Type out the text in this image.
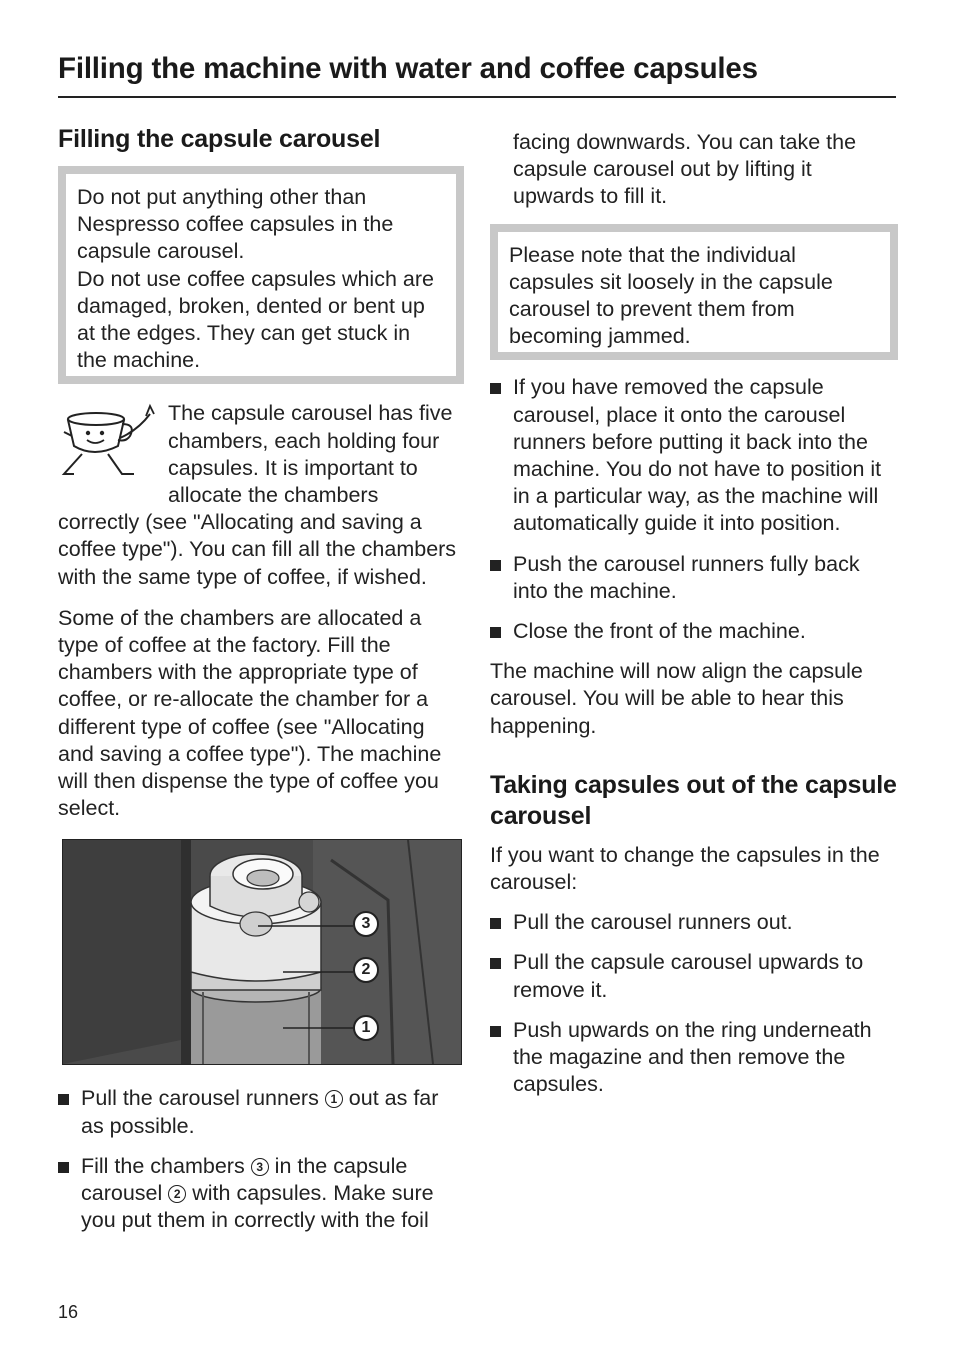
Filling the machine with water and coffee capsules
Filling the capsule carousel

Do not put anything other than Nespresso coffee capsules in the capsule carousel.

Do not use coffee capsules which are damaged, broken, dented or bent up at the edges. They can get stuck in the machine.

The capsule carousel has five chambers, each holding four capsules. It is important to allocate the chambers correctly (see "Allocating and saving a coffee type"). You can fill all the chambers with the same type of coffee, if wished.

Some of the chambers are allocated a type of coffee at the factory. Fill the chambers with the appropriate type of coffee, or re-allocate the chamber for a different type of coffee (see "Allocating and saving a coffee type"). The machine will then dispense the type of coffee you select.

3
2
1
Pull the carousel runners 1 out as far as possible.
Fill the chambers 3 in the capsule carousel 2 with capsules. Make sure you put them in correctly with the foil

facing downwards. You can take the capsule carousel out by lifting it upwards to fill it.

Please note that the individual capsules sit loosely in the capsule carousel to prevent them from becoming jammed.

If you have removed the capsule carousel, place it onto the carousel runners before putting it back into the machine. You do not have to position it in a particular way, as the machine will automatically guide it into position.
Push the carousel runners fully back into the machine.
Close the front of the machine.

The machine will now align the capsule carousel. You will be able to hear this happening.

Taking capsules out of the capsule carousel

If you want to change the capsules in the carousel:

Pull the carousel runners out.
Pull the capsule carousel upwards to remove it.
Push upwards on the ring underneath the magazine and then remove the capsules.
16
